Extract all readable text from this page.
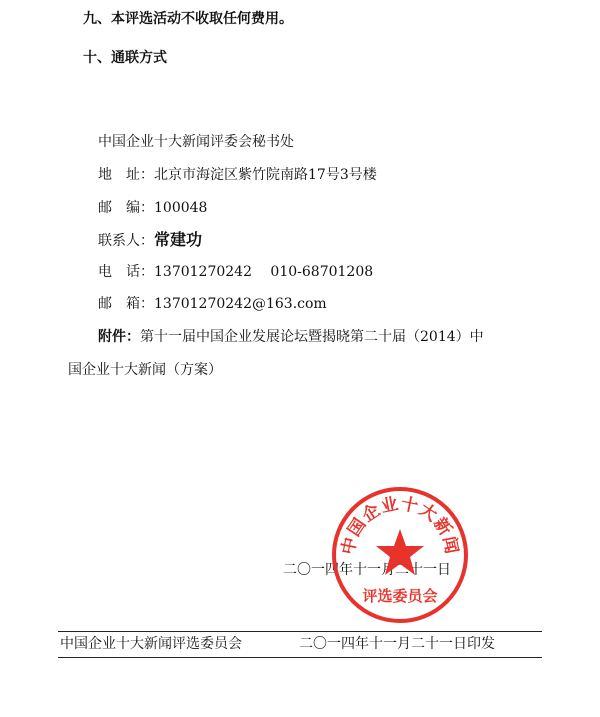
九、本评选活动不收取任何费用。
十、通联方式
中国企业十大新闻评委会秘书处
地　址：北京市海淀区紫竹院南路17号3号楼
邮　编：100048
联系人：常建功
电　话：13701270242　 010-68701208
邮　箱：13701270242@163.com
附件：第十一届中国企业发展论坛暨揭晓第二十届（2014）中
国企业十大新闻（方案）
二〇一四年十一月二十一日
中国企业十大新闻
评选委员会
中国企业十大新闻评选委员会	二〇一四年十一月二十一日印发
